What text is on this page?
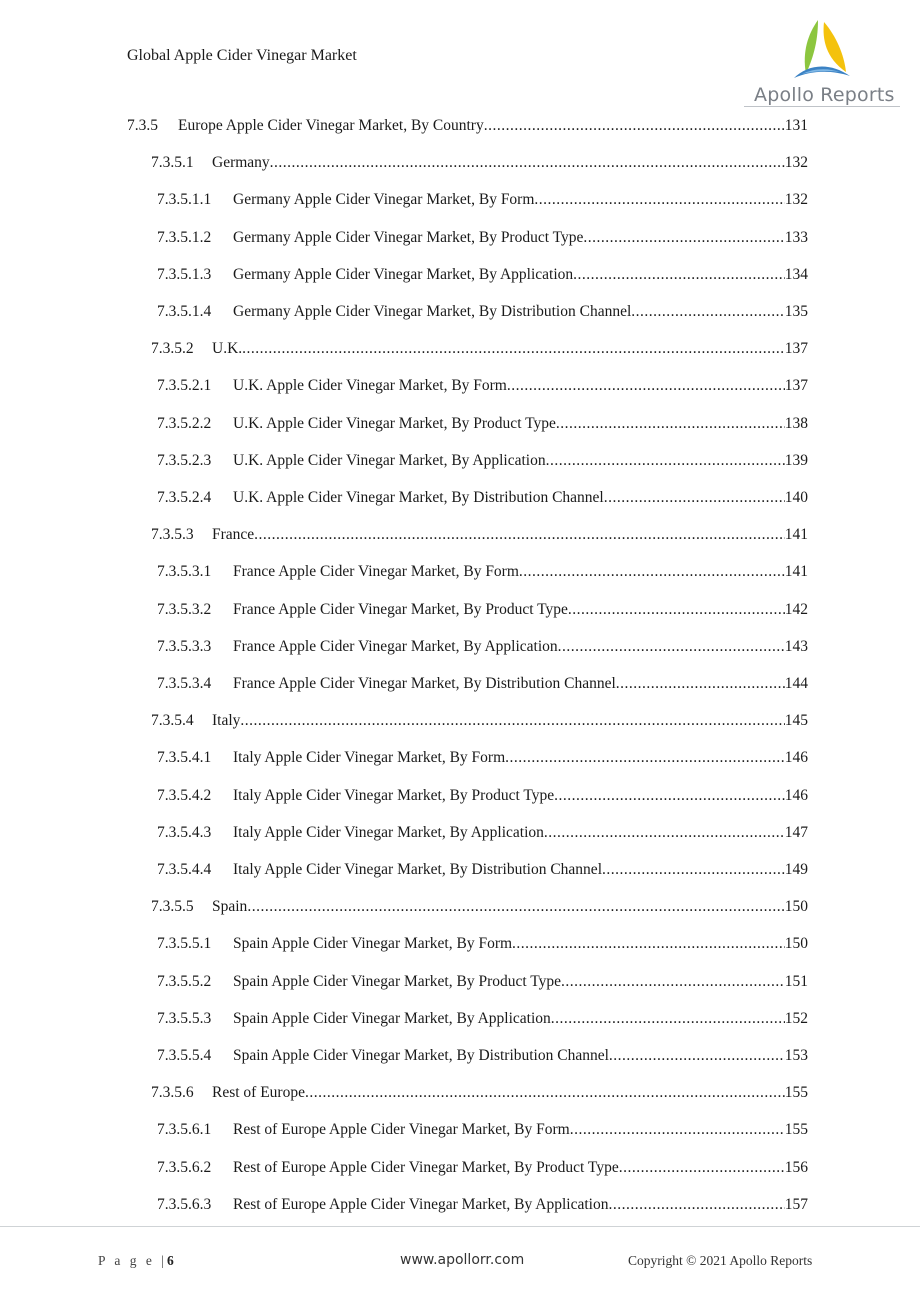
Global Apple Cider Vinegar Market
Apollo Reports
7.3.5	Europe Apple Cider Vinegar Market, By Country .....	131
7.3.5.1	Germany .....	132
7.3.5.1.1	Germany Apple Cider Vinegar Market, By Form .....	132
7.3.5.1.2	Germany Apple Cider Vinegar Market, By Product Type .....	133
7.3.5.1.3	Germany Apple Cider Vinegar Market, By Application .....	134
7.3.5.1.4	Germany Apple Cider Vinegar Market, By Distribution Channel .....	135
7.3.5.2	U.K. .....	137
7.3.5.2.1	U.K. Apple Cider Vinegar Market, By Form .....	137
7.3.5.2.2	U.K. Apple Cider Vinegar Market, By Product Type .....	138
7.3.5.2.3	U.K. Apple Cider Vinegar Market, By Application .....	139
7.3.5.2.4	U.K. Apple Cider Vinegar Market, By Distribution Channel .....	140
7.3.5.3	France .....	141
7.3.5.3.1	France Apple Cider Vinegar Market, By Form .....	141
7.3.5.3.2	France Apple Cider Vinegar Market, By Product Type .....	142
7.3.5.3.3	France Apple Cider Vinegar Market, By Application .....	143
7.3.5.3.4	France Apple Cider Vinegar Market, By Distribution Channel .....	144
7.3.5.4	Italy .....	145
7.3.5.4.1	Italy Apple Cider Vinegar Market, By Form .....	146
7.3.5.4.2	Italy Apple Cider Vinegar Market, By Product Type .....	146
7.3.5.4.3	Italy Apple Cider Vinegar Market, By Application .....	147
7.3.5.4.4	Italy Apple Cider Vinegar Market, By Distribution Channel .....	149
7.3.5.5	Spain .....	150
7.3.5.5.1	Spain Apple Cider Vinegar Market, By Form .....	150
7.3.5.5.2	Spain Apple Cider Vinegar Market, By Product Type .....	151
7.3.5.5.3	Spain Apple Cider Vinegar Market, By Application .....	152
7.3.5.5.4	Spain Apple Cider Vinegar Market, By Distribution Channel .....	153
7.3.5.6	Rest of Europe .....	155
7.3.5.6.1	Rest of Europe Apple Cider Vinegar Market, By Form .....	155
7.3.5.6.2	Rest of Europe Apple Cider Vinegar Market, By Product Type .....	156
7.3.5.6.3	Rest of Europe Apple Cider Vinegar Market, By Application .....	157
P a g e |6	www.apollorr.com	Copyright © 2021 Apollo Reports
